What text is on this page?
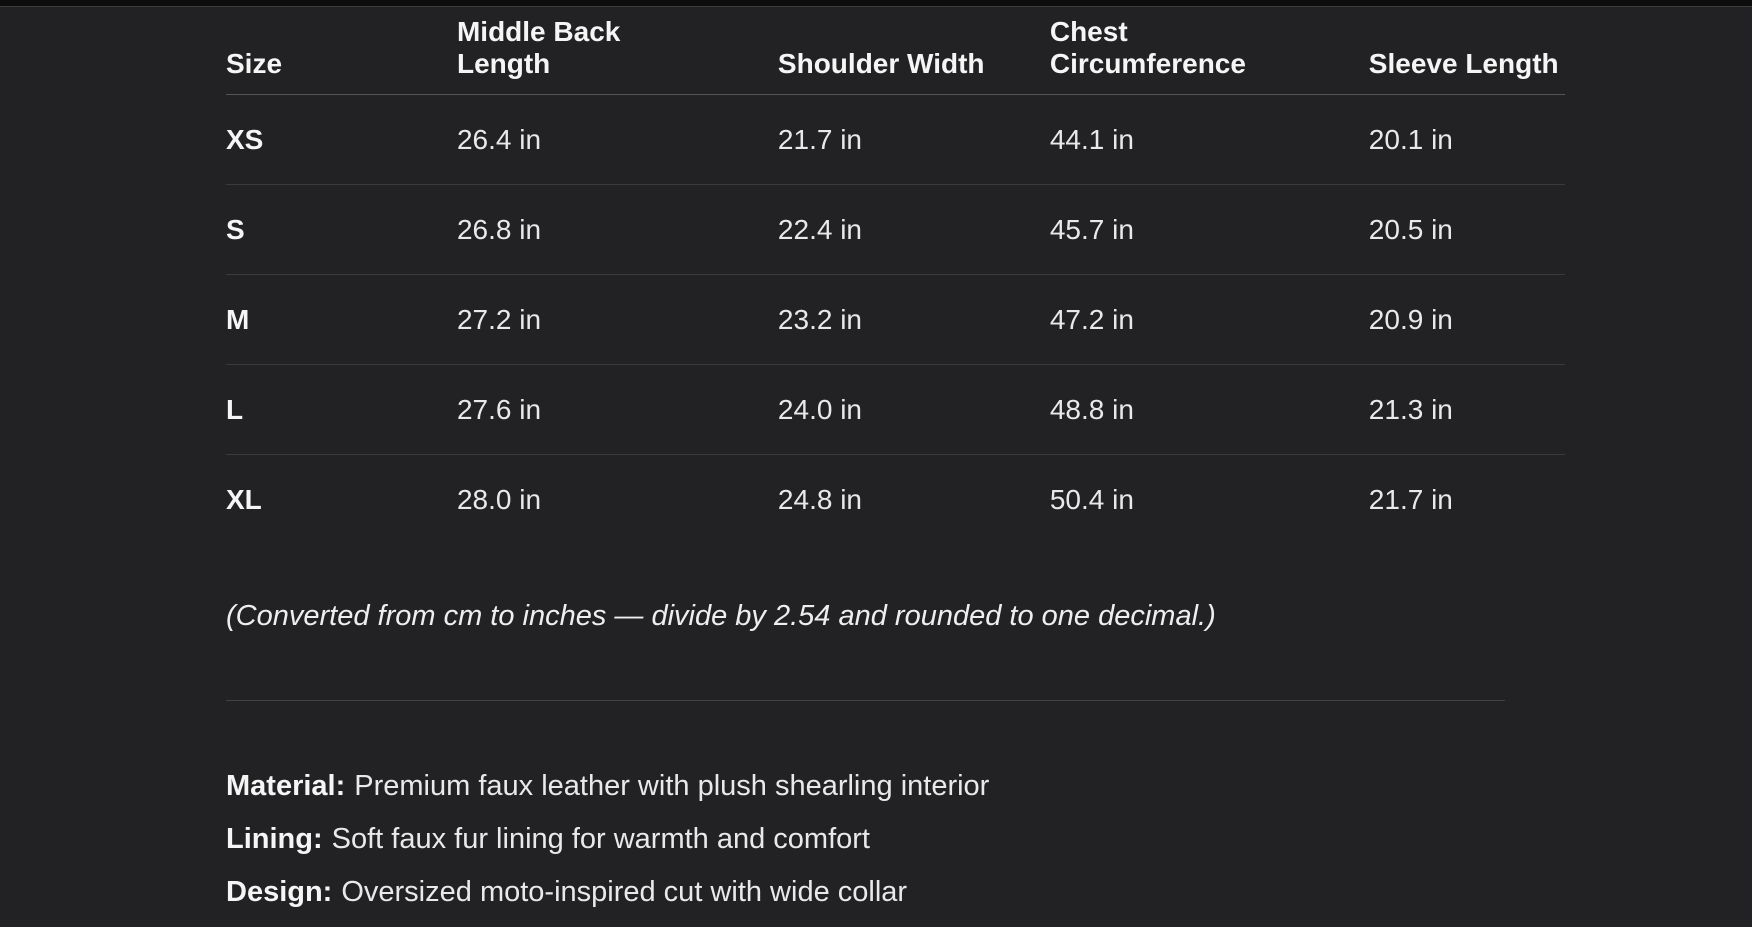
Size	Middle Back Length	Shoulder Width	Chest Circumference	Sleeve Length
XS	26.4 in	21.7 in	44.1 in	20.1 in
S	26.8 in	22.4 in	45.7 in	20.5 in
M	27.2 in	23.2 in	47.2 in	20.9 in
L	27.6 in	24.0 in	48.8 in	21.3 in
XL	28.0 in	24.8 in	50.4 in	21.7 in
(Converted from cm to inches — divide by 2.54 and rounded to one decimal.)

Material: Premium faux leather with plush shearling interior

Lining: Soft faux fur lining for warmth and comfort

Design: Oversized moto-inspired cut with wide collar
